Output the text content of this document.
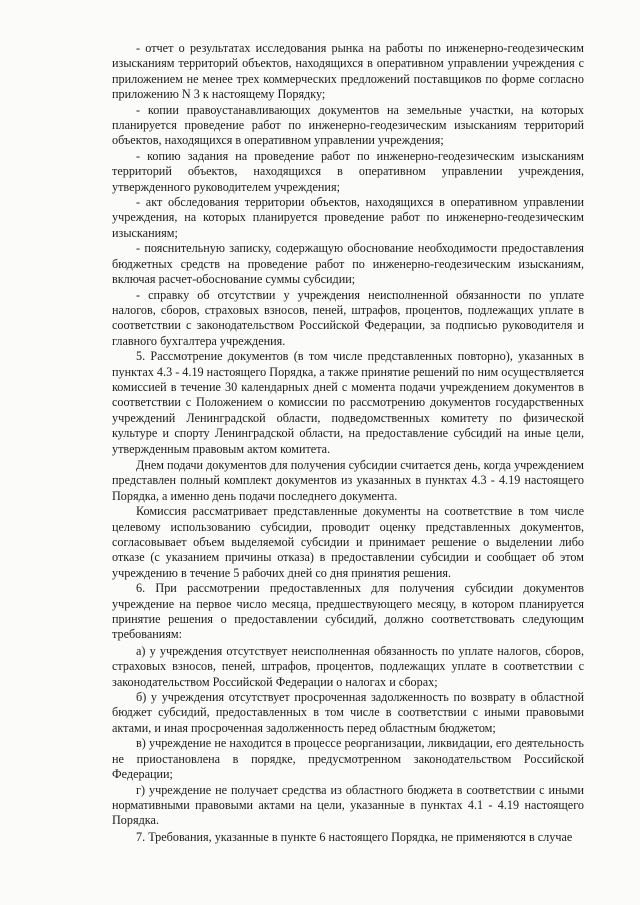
- отчет о результатах исследования рынка на работы по инженерно-геодезическим изысканиям территорий объектов, находящихся в оперативном управлении учреждения с приложением не менее трех коммерческих предложений поставщиков по форме согласно приложению N 3 к настоящему Порядку;

- копии правоустанавливающих документов на земельные участки, на которых планируется проведение работ по инженерно-геодезическим изысканиям территорий объектов, находящихся в оперативном управлении учреждения;

- копию задания на проведение работ по инженерно-геодезическим изысканиям территорий объектов, находящихся в оперативном управлении учреждения, утвержденного руководителем учреждения;

- акт обследования территории объектов, находящихся в оперативном управлении учреждения, на которых планируется проведение работ по инженерно-геодезическим изысканиям;

- пояснительную записку, содержащую обоснование необходимости предоставления бюджетных средств на проведение работ по инженерно-геодезическим изысканиям, включая расчет-обоснование суммы субсидии;

- справку об отсутствии у учреждения неисполненной обязанности по уплате налогов, сборов, страховых взносов, пеней, штрафов, процентов, подлежащих уплате в соответствии с законодательством Российской Федерации, за подписью руководителя и главного бухгалтера учреждения.

5. Рассмотрение документов (в том числе представленных повторно), указанных в пунктах 4.3 - 4.19 настоящего Порядка, а также принятие решений по ним осуществляется комиссией в течение 30 календарных дней с момента подачи учреждением документов в соответствии с Положением о комиссии по рассмотрению документов государственных учреждений Ленинградской области, подведомственных комитету по физической культуре и спорту Ленинградской области, на предоставление субсидий на иные цели, утвержденным правовым актом комитета.

Днем подачи документов для получения субсидии считается день, когда учреждением представлен полный комплект документов из указанных в пунктах 4.3 - 4.19 настоящего Порядка, а именно день подачи последнего документа.

Комиссия рассматривает представленные документы на соответствие в том числе целевому использованию субсидии, проводит оценку представленных документов, согласовывает объем выделяемой субсидии и принимает решение о выделении либо отказе (с указанием причины отказа) в предоставлении субсидии и сообщает об этом учреждению в течение 5 рабочих дней со дня принятия решения.

6. При рассмотрении предоставленных для получения субсидии документов учреждение на первое число месяца, предшествующего месяцу, в котором планируется принятие решения о предоставлении субсидий, должно соответствовать следующим требованиям:

а) у учреждения отсутствует неисполненная обязанность по уплате налогов, сборов, страховых взносов, пеней, штрафов, процентов, подлежащих уплате в соответствии с законодательством Российской Федерации о налогах и сборах;

б) у учреждения отсутствует просроченная задолженность по возврату в областной бюджет субсидий, предоставленных в том числе в соответствии с иными правовыми актами, и иная просроченная задолженность перед областным бюджетом;

в) учреждение не находится в процессе реорганизации, ликвидации, его деятельность не приостановлена в порядке, предусмотренном законодательством Российской Федерации;

г) учреждение не получает средства из областного бюджета в соответствии с иными нормативными правовыми актами на цели, указанные в пунктах 4.1 - 4.19 настоящего Порядка.

7. Требования, указанные в пункте 6 настоящего Порядка, не применяются в случае
